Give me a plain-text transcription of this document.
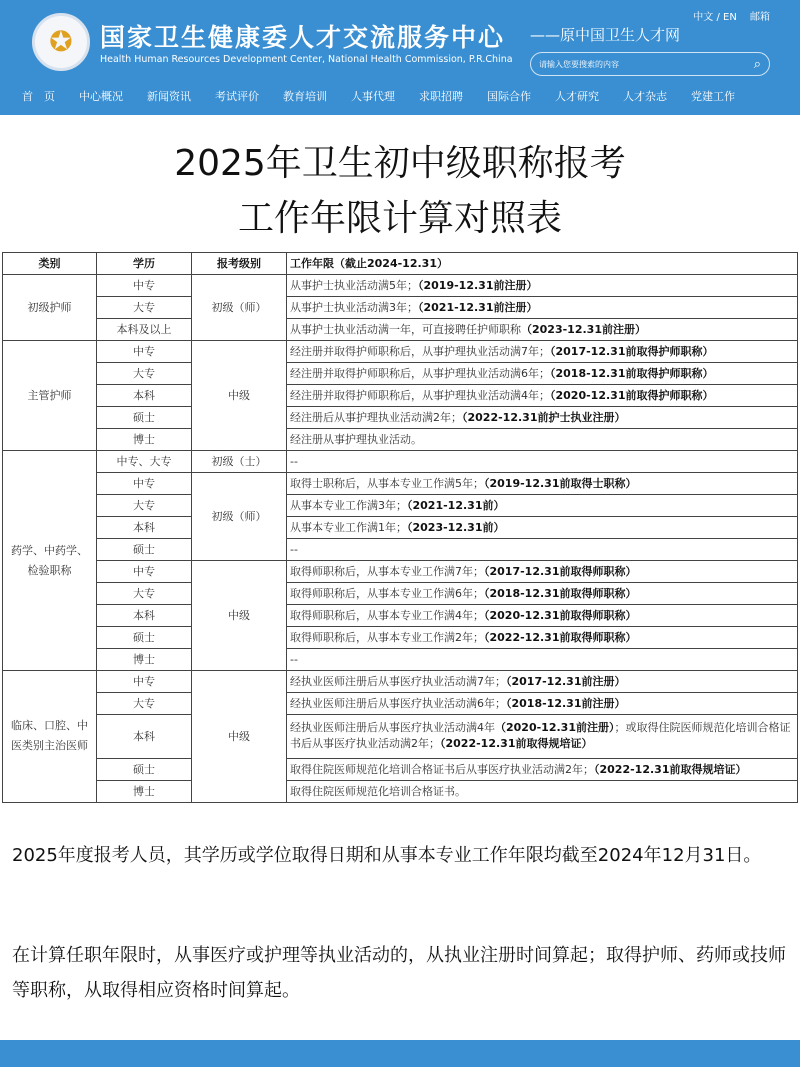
✪ 国家卫生健康委人才交流服务中心
Health Human Resources Development Center, National Health Commission, P.R.China
——原中国卫生人才网
中文 / EN 邮箱
请输入您要搜索的内容	⌕
首　页 中心概况 新闻资讯 考试评价 教育培训 人事代理 求职招聘 国际合作 人才研究 人才杂志 党建工作
2025年卫生初中级职称报考
工作年限计算对照表
类别	学历	报考级别	工作年限（截止2024-12.31）
初级护师	中专	初级（师）	从事护士执业活动满5年；（2019-12.31前注册）
	大专		从事护士执业活动满3年；（2021-12.31前注册）
	本科及以上		从事护士执业活动满一年，可直接聘任护师职称（2023-12.31前注册）
主管护师	中专	中级	经注册并取得护师职称后，从事护理执业活动满7年；（2017-12.31前取得护师职称）
	大专		经注册并取得护师职称后，从事护理执业活动满6年；（2018-12.31前取得护师职称）
	本科		经注册并取得护师职称后，从事护理执业活动满4年；（2020-12.31前取得护师职称）
	硕士		经注册后从事护理执业活动满2年；（2022-12.31前护士执业注册）
	博士		经注册从事护理执业活动。
药学、中药学、检验职称	中专、大专	初级（士）	--
	中专	初级（师）	取得士职称后，从事本专业工作满5年；（2019-12.31前取得士职称）
	大专		从事本专业工作满3年；（2021-12.31前）
	本科		从事本专业工作满1年；（2023-12.31前）
	硕士		--
	中专	中级	取得师职称后，从事本专业工作满7年；（2017-12.31前取得师职称）
	大专		取得师职称后，从事本专业工作满6年；（2018-12.31前取得师职称）
	本科		取得师职称后，从事本专业工作满4年；（2020-12.31前取得师职称）
	硕士		取得师职称后，从事本专业工作满2年；（2022-12.31前取得师职称）
	博士		--
临床、口腔、中医类别主治医师	中专	中级	经执业医师注册后从事医疗执业活动满7年；（2017-12.31前注册）
	大专		经执业医师注册后从事医疗执业活动满6年；（2018-12.31前注册）
	本科		经执业医师注册后从事医疗执业活动满4年（2020-12.31前注册）；或取得住院医师规范化培训合格证书后从事医疗执业活动满2年；（2022-12.31前取得规培证）
	硕士		取得住院医师规范化培训合格证书后从事医疗执业活动满2年；（2022-12.31前取得规培证）
	博士		取得住院医师规范化培训合格证书。
2025年度报考人员，其学历或学位取得日期和从事本专业工作年限均截至2024年12月31日。
在计算任职年限时，从事医疗或护理等执业活动的，从执业注册时间算起；取得护师、药师或技师等职称，从取得相应资格时间算起。
